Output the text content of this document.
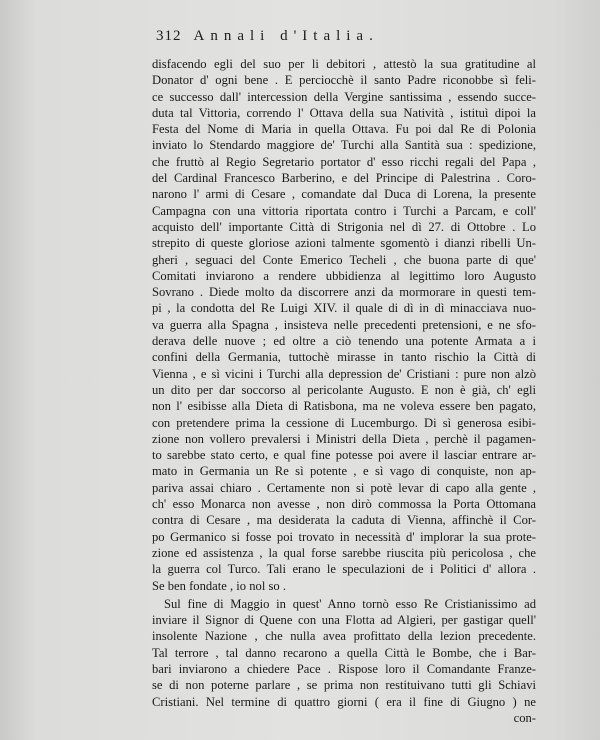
312 Annali d'Italia.
disfacendo egli del suo per li debitori , attestò la sua gratitudine al
Donator d' ogni bene . E perciocchè il santo Padre riconobbe sì feli-
ce successo dall' intercession della Vergine santissima , essendo succe-
duta tal Vittoria, correndo l' Ottava della sua Natività , istituì dipoi la
Festa del Nome di Maria in quella Ottava. Fu poi dal Re di Polonia
inviato lo Stendardo maggiore de' Turchi alla Santità sua : spedizione,
che fruttò al Regio Segretario portator d' esso ricchi regali del Papa ,
del Cardinal Francesco Barberino, e del Principe di Palestrina . Coro-
narono l' armi di Cesare , comandate dal Duca di Lorena, la presente
Campagna con una vittoria riportata contro i Turchi a Parcam, e coll'
acquisto dell' importante Città di Strigonia nel dì 27. di Ottobre . Lo
strepito di queste gloriose azioni talmente sgomentò i dianzi ribelli Un-
gheri , seguaci del Conte Emerico Techeli , che buona parte di que'
Comitati inviarono a rendere ubbidienza al legittimo loro Augusto
Sovrano . Diede molto da discorrere anzi da mormorare in questi tem-
pi , la condotta del Re Luigi XIV. il quale di dì in dì minacciava nuo-
va guerra alla Spagna , insisteva nelle precedenti pretensioni, e ne sfo-
derava delle nuove ; ed oltre a ciò tenendo una potente Armata a i
confini della Germania, tuttochè mirasse in tanto rischio la Città di
Vienna , e sì vicini i Turchi alla depression de' Cristiani : pure non alzò
un dito per dar soccorso al pericolante Augusto. E non è già, ch' egli
non l' esibisse alla Dieta di Ratisbona, ma ne voleva essere ben pagato,
con pretendere prima la cessione di Lucemburgo. Di sì generosa esibi-
zione non vollero prevalersi i Ministri della Dieta , perchè il pagamen-
to sarebbe stato certo, e qual fine potesse poi avere il lasciar entrare ar-
mato in Germania un Re sì potente , e sì vago di conquiste, non ap-
pariva assai chiaro . Certamente non si potè levar di capo alla gente ,
ch' esso Monarca non avesse , non dirò commossa la Porta Ottomana
contra di Cesare , ma desiderata la caduta di Vienna, affinchè il Cor-
po Germanico si fosse poi trovato in necessità d' implorar la sua prote-
zione ed assistenza , la qual forse sarebbe riuscita più pericolosa , che
la guerra col Turco. Tali erano le speculazioni de i Politici d' allora .
Se ben fondate , io nol so .
Sul fine di Maggio in quest' Anno tornò esso Re Cristianissimo ad
inviare il Signor di Quene con una Flotta ad Algieri, per gastigar quell'
insolente Nazione , che nulla avea profittato della lezion precedente.
Tal terrore , tal danno recarono a quella Città le Bombe, che i Bar-
bari inviarono a chiedere Pace . Rispose loro il Comandante Franze-
se di non poterne parlare , se prima non restituivano tutti gli Schiavi
Cristiani. Nel termine di quattro giorni ( era il fine di Giugno ) ne
con-
